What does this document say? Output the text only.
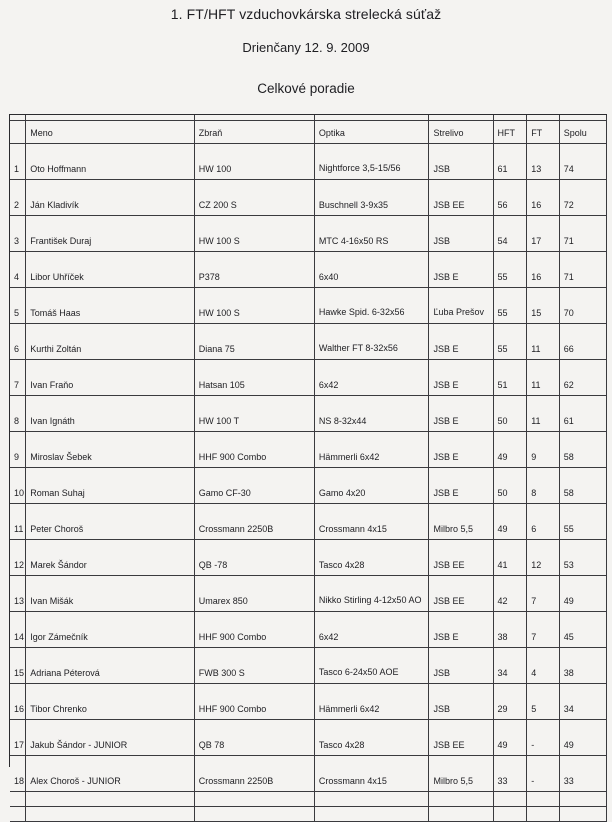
1. FT/HFT vzduchovkárska strelecká súťaž
Drienčany 12. 9. 2009
Celkové poradie

	Meno	Zbraň	Optika	Strelivo	HFT	FT	Spolu
1	Oto Hoffmann	HW 100	Nightforce 3,5-15/56	JSB	61	13	74
2	Ján Kladivík	CZ 200 S	Buschnell 3-9x35	JSB EE	56	16	72
3	František Duraj	HW 100 S	MTC 4-16x50 RS	JSB	54	17	71
4	Libor Uhříček	P378	6x40	JSB E	55	16	71
5	Tomáš Haas	HW 100 S	Hawke Spid. 6-32x56	Ľuba Prešov	55	15	70
6	Kurthi Zoltán	Diana 75	Walther FT 8-32x56	JSB E	55	11	66
7	Ivan Fraňo	Hatsan 105	6x42	JSB E	51	11	62
8	Ivan Ignáth	HW 100 T	NS 8-32x44	JSB E	50	11	61
9	Miroslav Šebek	HHF 900 Combo	Hämmerli 6x42	JSB E	49	9	58
10	Roman Suhaj	Gamo CF-30	Gamo 4x20	JSB E	50	8	58
11	Peter Choroš	Crossmann 2250B	Crossmann 4x15	Milbro 5,5	49	6	55
12	Marek Šándor	QB -78	Tasco 4x28	JSB EE	41	12	53
13	Ivan Mišák	Umarex 850	Nikko Stirling 4-12x50 AO	JSB EE	42	7	49
14	Igor Zámečník	HHF 900 Combo	6x42	JSB E	38	7	45
15	Adriana Péterová	FWB 300 S	Tasco 6-24x50 AOE	JSB	34	4	38
16	Tibor Chrenko	HHF 900 Combo	Hämmerli 6x42	JSB	29	5	34
17	Jakub Šándor - JUNIOR	QB 78	Tasco 4x28	JSB EE	49	-	49
18	Alex Choroš - JUNIOR	Crossmann 2250B	Crossmann 4x15	Milbro 5,5	33	-	33
